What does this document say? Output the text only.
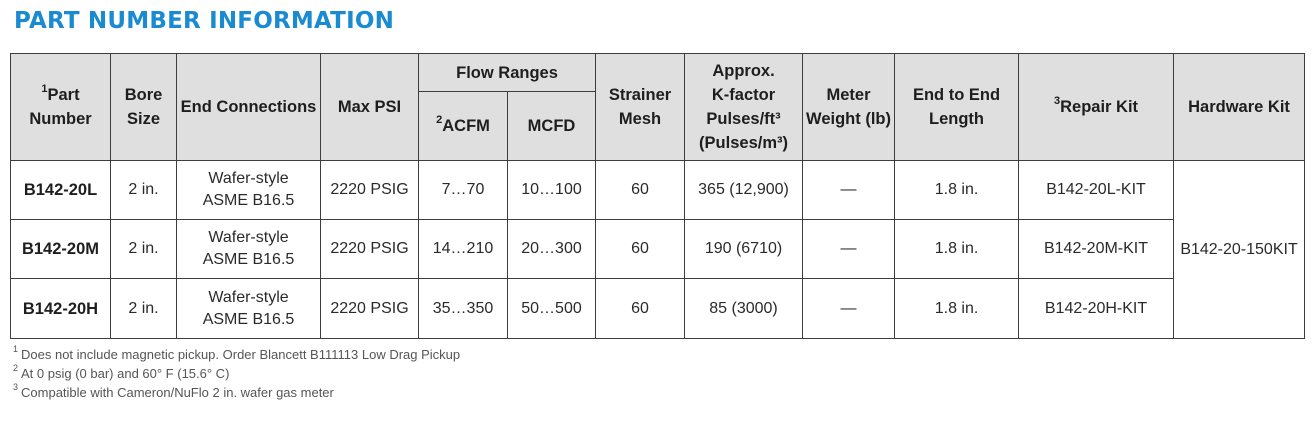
PART NUMBER INFORMATION
$^1$Part Number	Bore Size	End Connections	Max PSI	Flow Ranges		Strainer Mesh	Approx.
K-factor
Pulses/ft³
(Pulses/m³)	Meter Weight (lb)	End to End Length	$^3$Repair Kit	Hardware Kit
				$^2$ACFM	MCFD						
B142-20L	2 in.	Wafer-style
ASME B16.5	2220 PSIG	7…70	10…100	60	365 (12,900)	—	1.8 in.	B142-20L-KIT	B142-20-150KIT
B142-20M	2 in.	Wafer-style
ASME B16.5	2220 PSIG	14…210	20…300	60	190 (6710)	—	1.8 in.	B142-20M-KIT	
B142-20H	2 in.	Wafer-style
ASME B16.5	2220 PSIG	35…350	50…500	60	85 (3000)	—	1.8 in.	B142-20H-KIT	
$^1$ Does not include magnetic pickup. Order Blancett B111113 Low Drag Pickup
$^2$ At 0 psig (0 bar) and 60° F (15.6° C)
$^3$ Compatible with Cameron/NuFlo 2 in. wafer gas meter
